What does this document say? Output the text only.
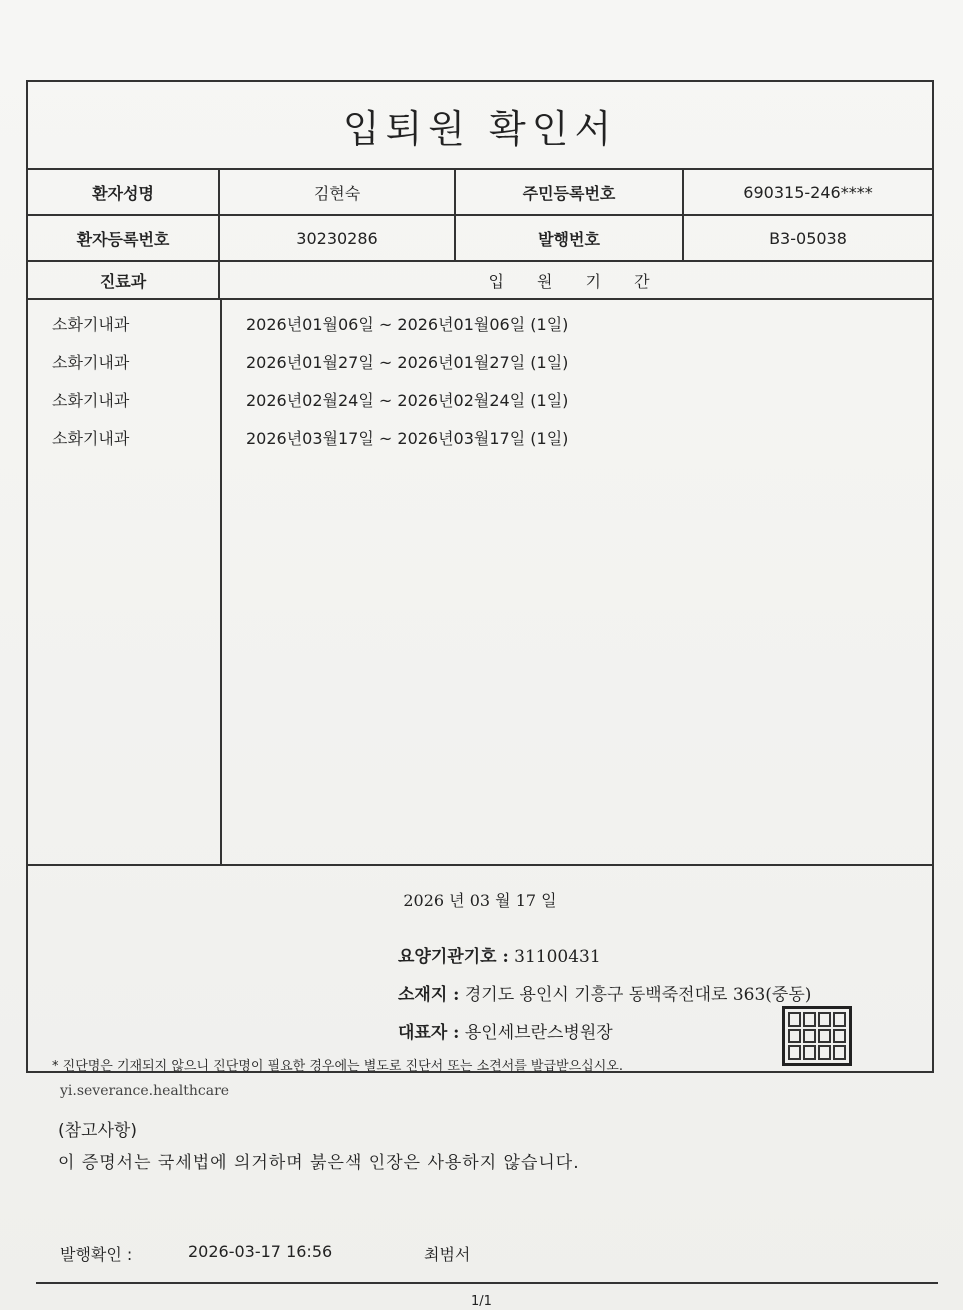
입퇴원 확인서
환자성명	김현숙	주민등록번호	690315-246****
환자등록번호	30230286	발행번호	B3-05038
진료과	입 원 기 간
소화기내과	2026년01월06일 ~ 2026년01월06일 (1일)
소화기내과	2026년01월27일 ~ 2026년01월27일 (1일)
소화기내과	2026년02월24일 ~ 2026년02월24일 (1일)
소화기내과	2026년03월17일 ~ 2026년03월17일 (1일)
2026 년 03 월 17 일
요양기관기호 : 31100431
소재지 : 경기도 용인시 기흥구 동백죽전대로 363(중동)
대표자 : 용인세브란스병원장
* 진단명은 기재되지 않으니 진단명이 필요한 경우에는 별도로 진단서 또는 소견서를 발급받으십시오.
yi.severance.healthcare
(참고사항)
이 증명서는 국세법에 의거하며 붉은색 인장은 사용하지 않습니다.
발행확인 :	2026-03-17 16:56	최범서
1/1
